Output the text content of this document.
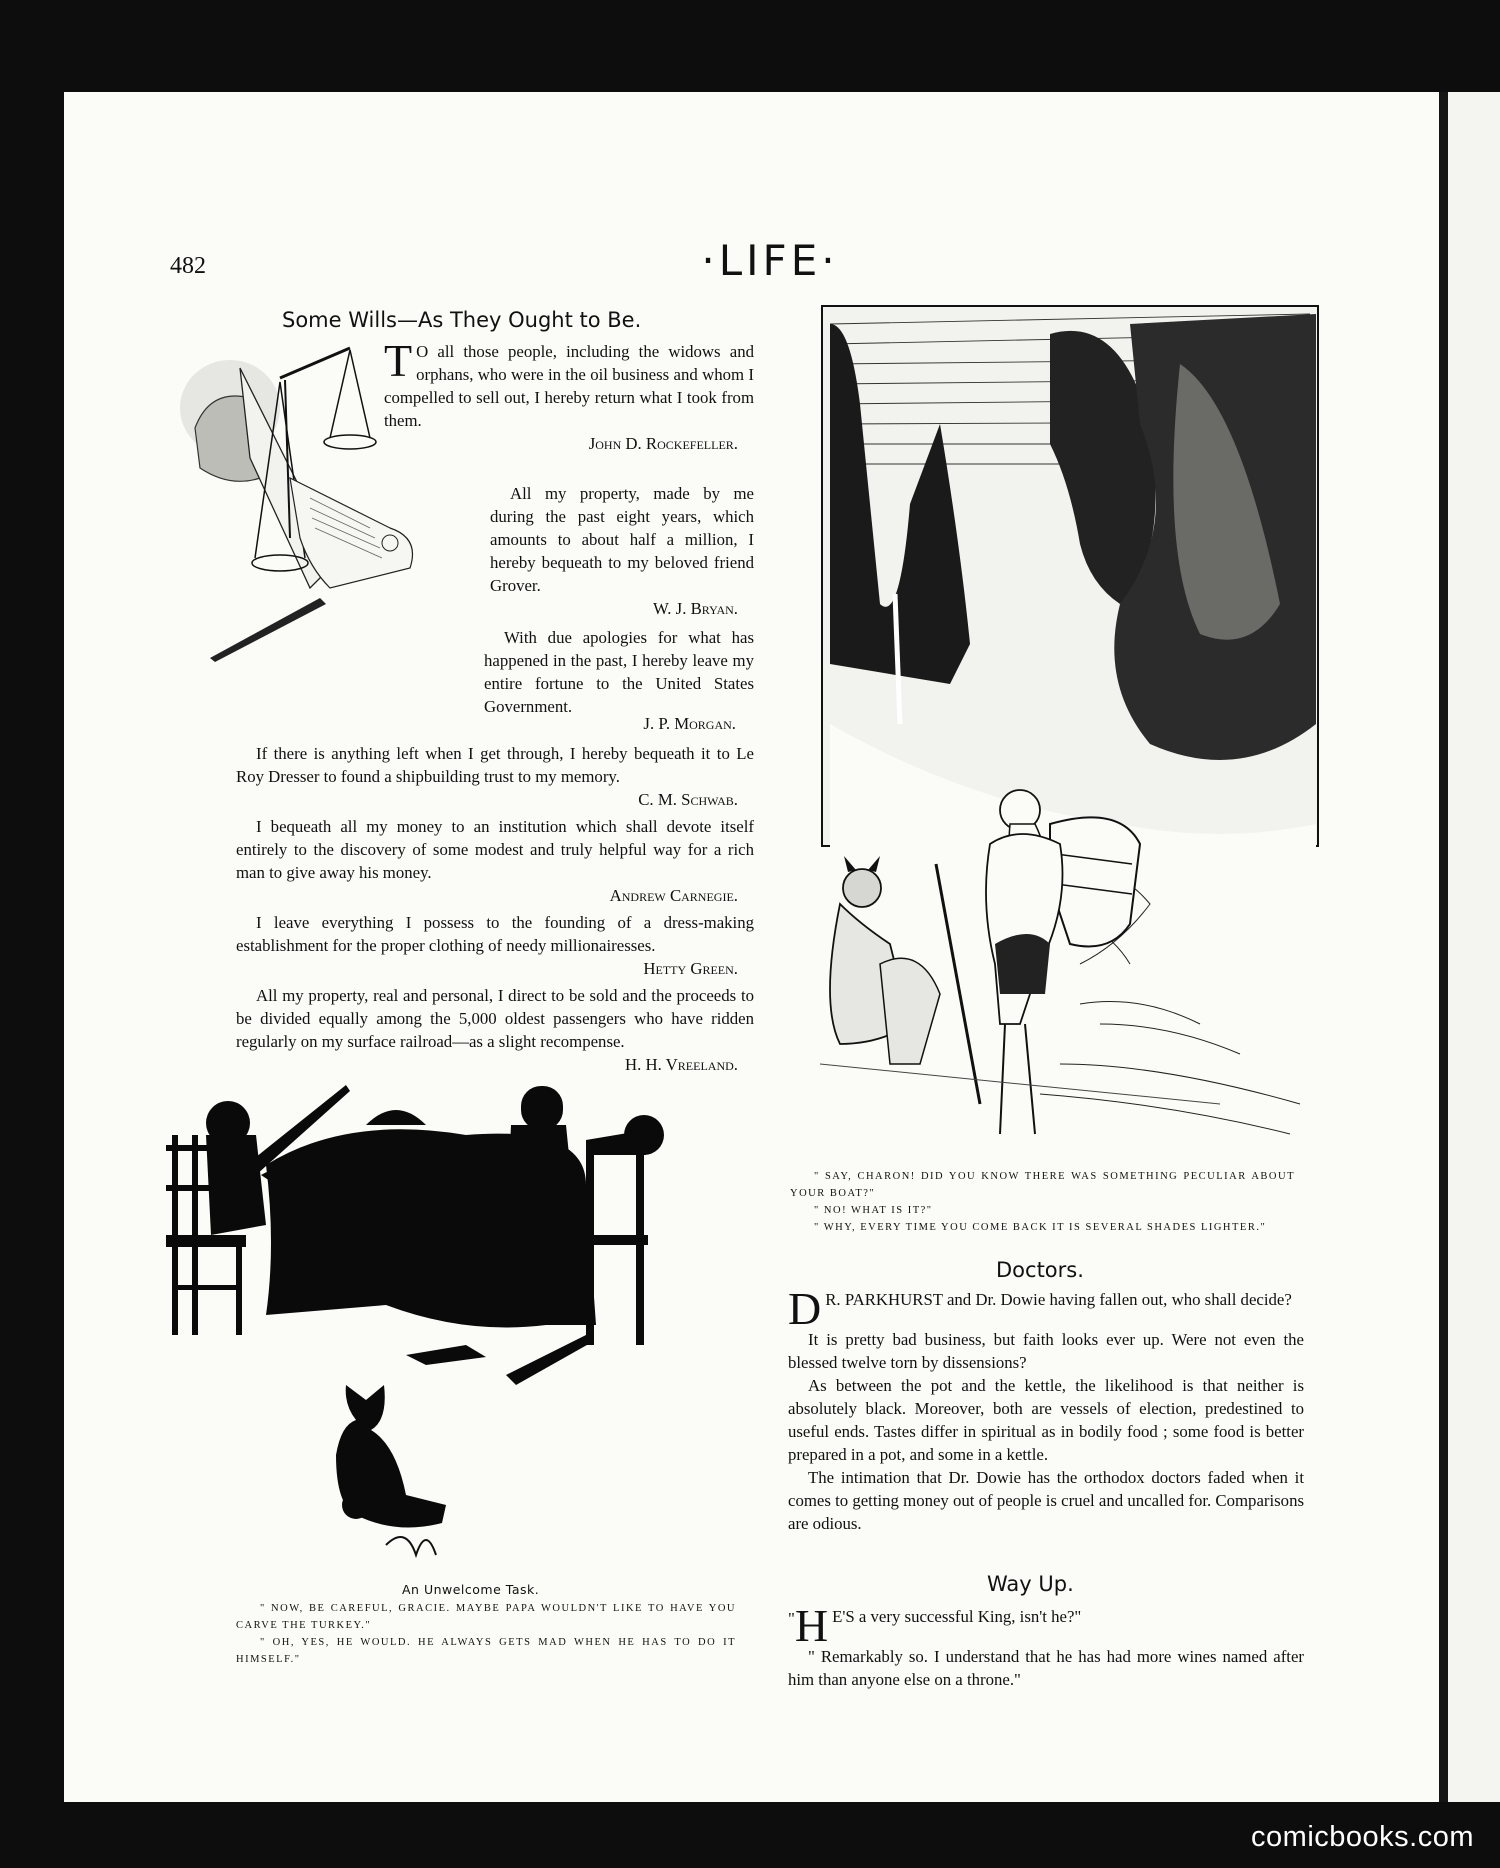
482	·LIFE·
Some Wills—As They Ought to Be.
T O all those people, including the widows and orphans, who were in the oil business and whom I compelled to sell out, I hereby return what I took from them.
John D. Rockefeller.

All my property, made by me during the past eight years, which amounts to about half a million, I hereby bequeath to my beloved friend Grover.

W. J. Bryan.

With due apologies for what has happened in the past, I hereby leave my entire fortune to the United States Government.

J. P. Morgan.

If there is anything left when I get through, I hereby bequeath it to Le Roy Dresser to found a shipbuilding trust to my memory.

C. M. Schwab.

I bequeath all my money to an institution which shall devote itself entirely to the discovery of some modest and truly helpful way for a rich man to give away his money.

Andrew Carnegie.

I leave everything I possess to the founding of a dress-making establishment for the proper clothing of needy millionairesses.

Hetty Green.

All my property, real and personal, I direct to be sold and the proceeds to be divided equally among the 5,000 oldest passengers who have ridden regularly on my surface railroad—as a slight recompense.

H. H. Vreeland.

" SAY, CHARON! DID YOU KNOW THERE WAS SOMETHING PECULIAR ABOUT YOUR BOAT?"

" NO! WHAT IS IT?"

" WHY, EVERY TIME YOU COME BACK IT IS SEVERAL SHADES LIGHTER."

Doctors.
D R. PARKHURST and Dr. Dowie having fallen out, who shall decide?

It is pretty bad business, but faith looks ever up. Were not even the blessed twelve torn by dissensions?

As between the pot and the kettle, the likelihood is that neither is absolutely black. Moreover, both are vessels of election, predestined to useful ends. Tastes differ in spiritual as in bodily food ; some food is better prepared in a pot, and some in a kettle.

The intimation that Dr. Dowie has the orthodox doctors faded when it comes to getting money out of people is cruel and uncalled for. Comparisons are odious.

Way Up.
" H E'S a very successful King, isn't he?"

" Remarkably so. I understand that he has had more wines named after him than anyone else on a throne."

An Unwelcome Task.

" NOW, BE CAREFUL, GRACIE. MAYBE PAPA WOULDN'T LIKE TO HAVE YOU CARVE THE TURKEY."

" OH, YES, HE WOULD. HE ALWAYS GETS MAD WHEN HE HAS TO DO IT HIMSELF."

comicbooks.com
